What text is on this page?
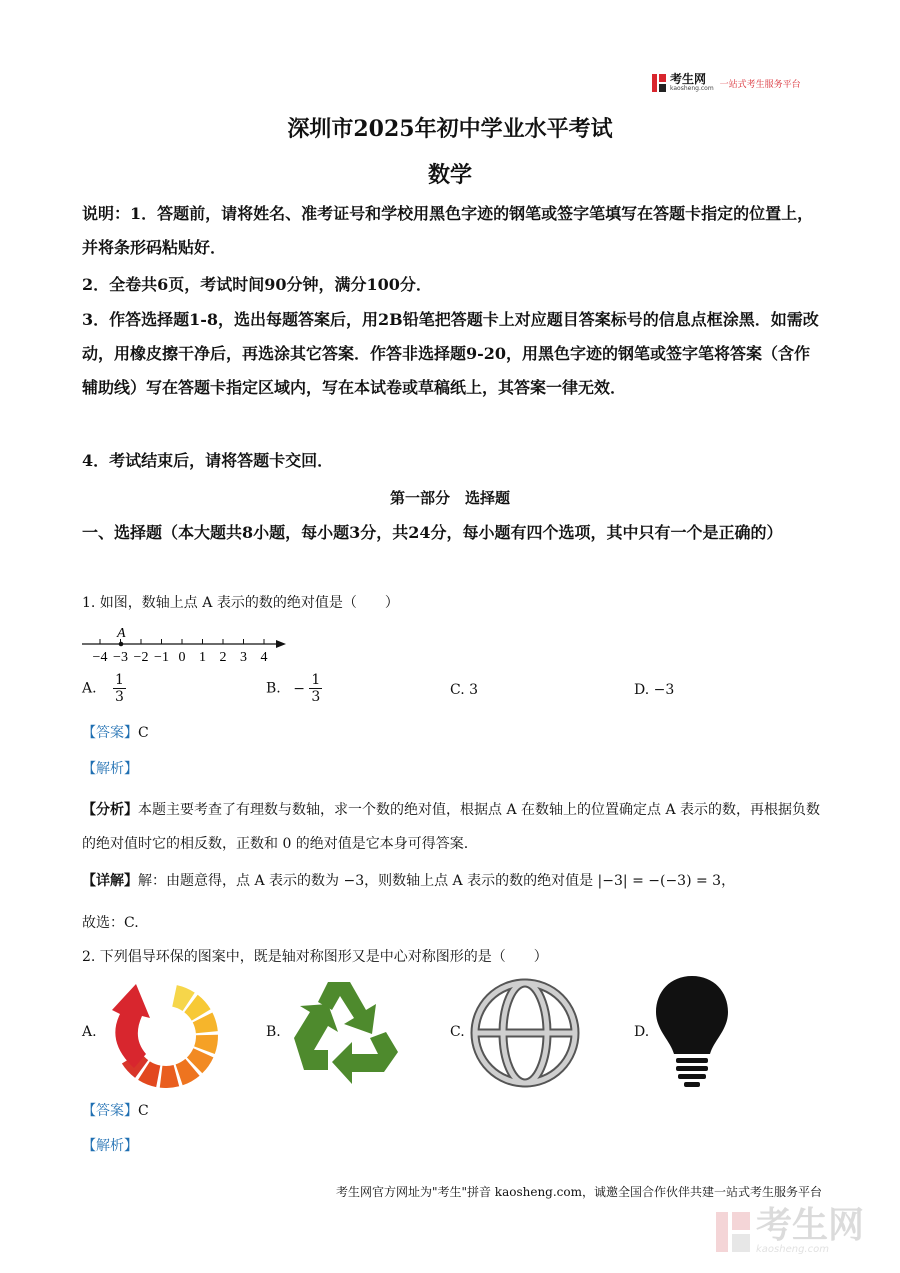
考生网
kaosheng.com 一站式考生服务平台
深圳市2025年初中学业水平考试
数学
说明：1．答题前，请将姓名、准考证号和学校用黑色字迹的钢笔或签字笔填写在答题卡指定的位置上，并将条形码粘贴好．
2．全卷共6页，考试时间90分钟，满分100分．
3．作答选择题1-8，选出每题答案后，用2B铅笔把答题卡上对应题目答案标号的信息点框涂黑．如需改动，用橡皮擦干净后，再选涂其它答案．作答非选择题9-20，用黑色字迹的钢笔或签字笔将答案（含作辅助线）写在答题卡指定区域内，写在本试卷或草稿纸上，其答案一律无效．
4．考试结束后，请将答题卡交回．
第一部分　选择题
一、选择题（本大题共8小题，每小题3分，共24分，每小题有四个选项，其中只有一个是正确的）
1. 如图，数轴上点 A 表示的数的绝对值是（　　）
−4 −3 −2 −1 0 1 2 3 4
A
A. $\frac{1}{3}$	B. − $\frac{1}{3}$	C. 3	D. −3
【答案】C
【解析】
【分析】本题主要考查了有理数与数轴，求一个数的绝对值，根据点 A 在数轴上的位置确定点 A 表示的数，再根据负数的绝对值时它的相反数，正数和 0 的绝对值是它本身可得答案.
【详解】解：由题意得，点 A 表示的数为 −3，则数轴上点 A 表示的数的绝对值是 |−3| = −(−3) = 3，
故选：C.
2. 下列倡导环保的图案中，既是轴对称图形又是中心对称图形的是（　　）
A.	B.	C.	D.
【答案】C
【解析】
考生网官方网址为"考生"拼音 kaosheng.com，诚邀全国合作伙伴共建一站式考生服务平台
考生网
kaosheng.com
